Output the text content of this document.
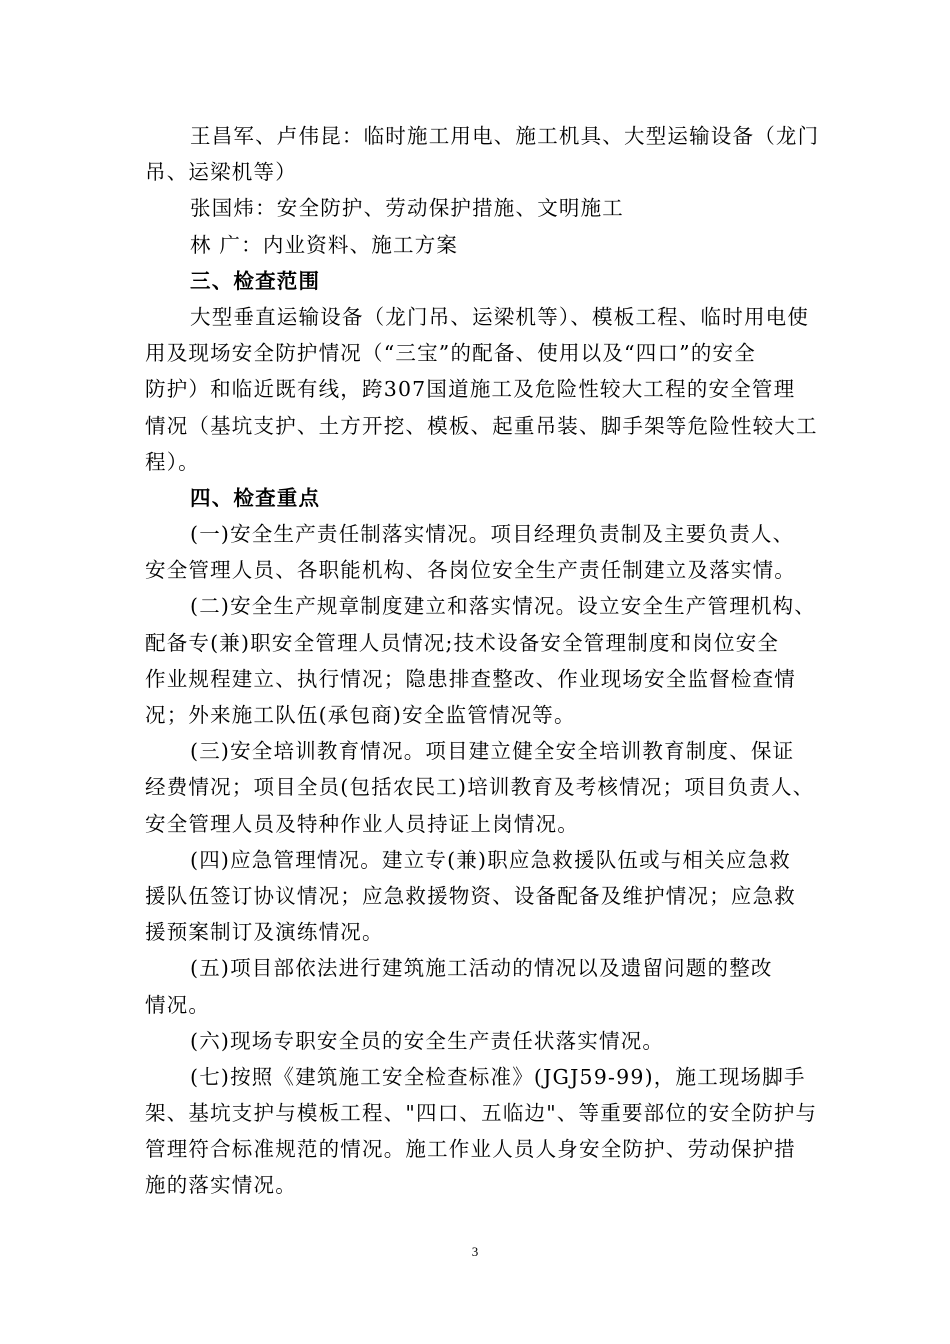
王昌军、卢伟昆：临时施工用电、施工机具、大型运输设备（龙门
吊、运梁机等）
张国炜：安全防护、劳动保护措施、文明施工
林 广：内业资料、施工方案
三、检查范围
大型垂直运输设备（龙门吊、运梁机等）、模板工程、临时用电使
用及现场安全防护情况（“三宝”的配备、使用以及“四口”的安全
防护）和临近既有线，跨307国道施工及危险性较大工程的安全管理
情况（基坑支护、土方开挖、模板、起重吊装、脚手架等危险性较大工
程）。
四、检查重点
(一)安全生产责任制落实情况。项目经理负责制及主要负责人、
安全管理人员、各职能机构、各岗位安全生产责任制建立及落实情。
(二)安全生产规章制度建立和落实情况。设立安全生产管理机构、
配备专(兼)职安全管理人员情况;技术设备安全管理制度和岗位安全
作业规程建立、执行情况；隐患排查整改、作业现场安全监督检查情
况；外来施工队伍(承包商)安全监管情况等。
(三)安全培训教育情况。项目建立健全安全培训教育制度、保证
经费情况；项目全员(包括农民工)培训教育及考核情况；项目负责人、
安全管理人员及特种作业人员持证上岗情况。
(四)应急管理情况。建立专(兼)职应急救援队伍或与相关应急救
援队伍签订协议情况；应急救援物资、设备配备及维护情况；应急救
援预案制订及演练情况。
(五)项目部依法进行建筑施工活动的情况以及遗留问题的整改
情况。
(六)现场专职安全员的安全生产责任状落实情况。
(七)按照《建筑施工安全检查标准》(JGJ59-99)，施工现场脚手
架、基坑支护与模板工程、"四口、五临边"、等重要部位的安全防护与
管理符合标准规范的情况。施工作业人员人身安全防护、劳动保护措
施的落实情况。
3
